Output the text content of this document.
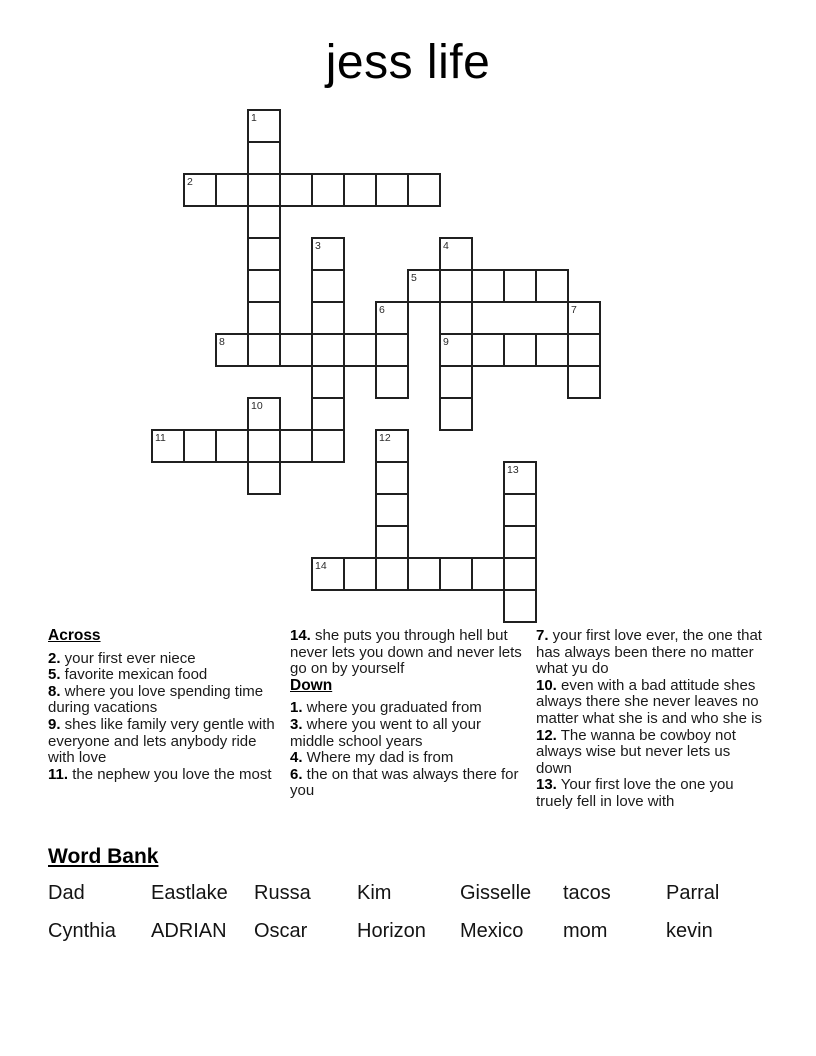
jess life
1
2
3	4
5
6	7
8	9
10
11	12
13
14
Across
2. your first ever niece
5. favorite mexican food
8. where you love spending time during vacations
9. shes like family very gentle with everyone and lets anybody ride with love
11. the nephew you love the most
14. she puts you through hell but never lets you down and never lets go on by yourself
Down
1. where you graduated from
3. where you went to all your middle school years
4. Where my dad is from
6. the on that was always there for you
7. your first love ever, the one that has always been there no matter what yu do
10. even with a bad attitude shes always there she never leaves no matter what she is and who she is
12. The wanna be cowboy not always wise but never lets us down
13. Your first love the one you truely fell in love with
Word Bank
Dad	Eastlake	Russa	Kim	Gisselle	tacos	Parral
Cynthia	ADRIAN	Oscar	Horizon	Mexico	mom	kevin
